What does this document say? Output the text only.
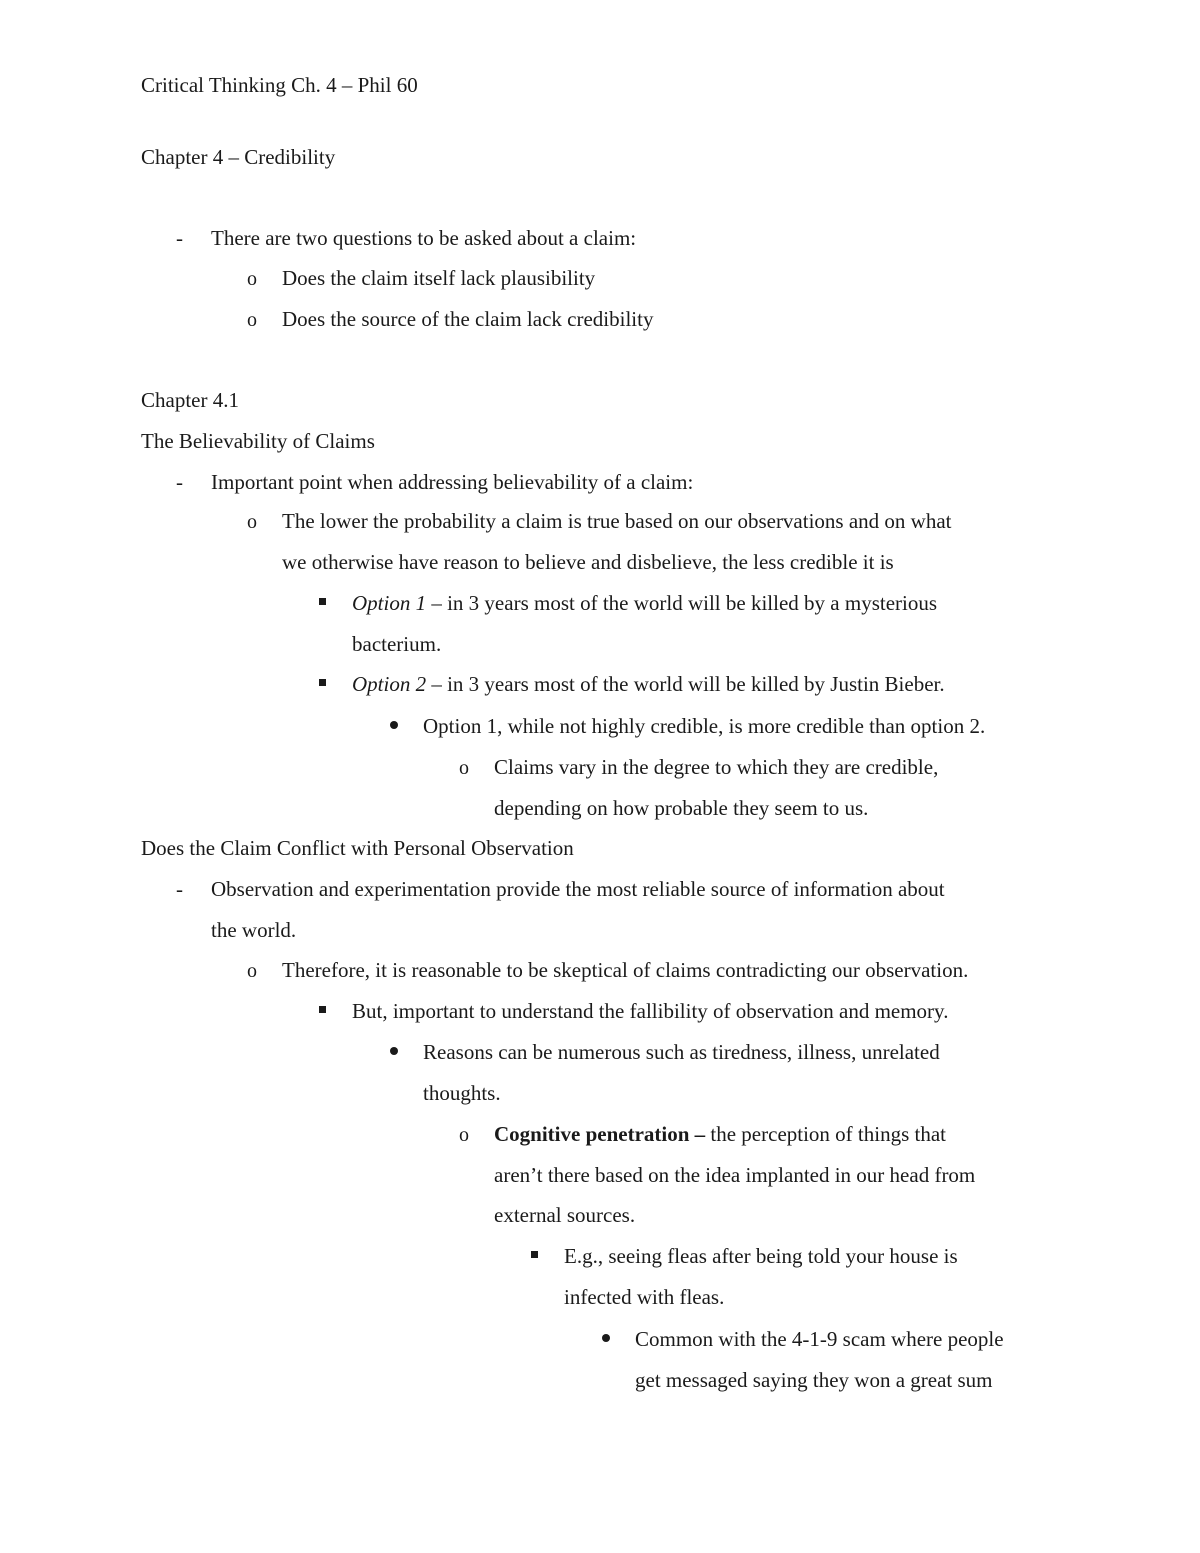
Critical Thinking Ch. 4 – Phil 60
Chapter 4 – Credibility
- There are two questions to be asked about a claim:
o Does the claim itself lack plausibility
o Does the source of the claim lack credibility
Chapter 4.1
The Believability of Claims
- Important point when addressing believability of a claim:
o The lower the probability a claim is true based on our observations and on what
we otherwise have reason to believe and disbelieve, the less credible it is
Option 1 – in 3 years most of the world will be killed by a mysterious
bacterium.
Option 2 – in 3 years most of the world will be killed by Justin Bieber.
Option 1, while not highly credible, is more credible than option 2.
o Claims vary in the degree to which they are credible,
depending on how probable they seem to us.
Does the Claim Conflict with Personal Observation
- Observation and experimentation provide the most reliable source of information about
the world.
o Therefore, it is reasonable to be skeptical of claims contradicting our observation.
But, important to understand the fallibility of observation and memory.
Reasons can be numerous such as tiredness, illness, unrelated
thoughts.
o Cognitive penetration – the perception of things that
aren’t there based on the idea implanted in our head from
external sources.
E.g., seeing fleas after being told your house is
infected with fleas.
Common with the 4-1-9 scam where people
get messaged saying they won a great sum
